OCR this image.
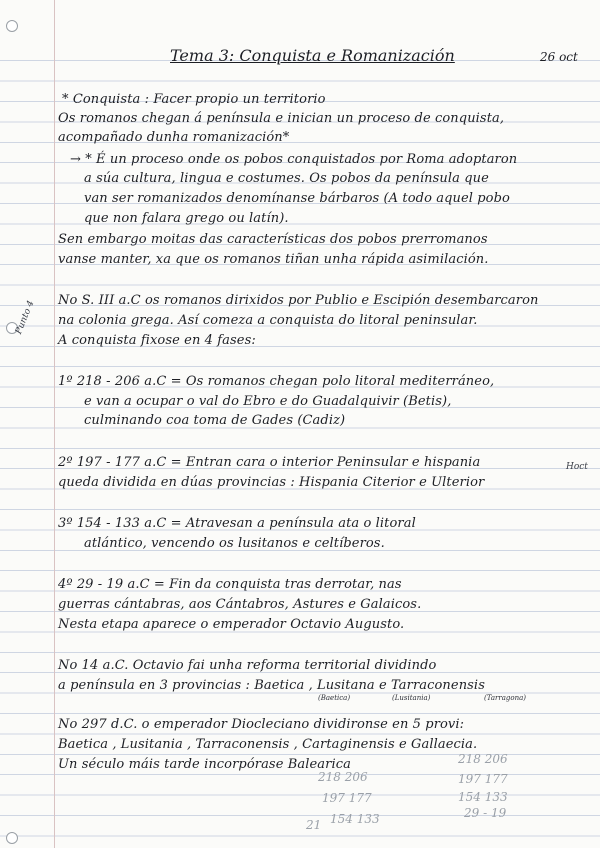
Tema 3: Conquista e Romanización	26 oct
Punto 4
* Conquista : Facer propio un territorio
Os romanos chegan á península e inician un proceso de conquista,
acompañado dunha romanización*
→ * É un proceso onde os pobos conquistados por Roma adoptaron
a súa cultura, lingua e costumes. Os pobos da península que
van ser romanizados denomínanse bárbaros (A todo aquel pobo
que non falara grego ou latín).
Sen embargo moitas das características dos pobos prerromanos
vanse manter, xa que os romanos tiñan unha rápida asimilación.
No S. III a.C os romanos dirixidos por Publio e Escipión desembarcaron
na colonia grega. Así comeza a conquista do litoral peninsular.
A conquista fixose en 4 fases:
1º 218 - 206 a.C = Os romanos chegan polo litoral mediterráneo,
e van a ocupar o val do Ebro e do Guadalquivir (Betis),
culminando coa toma de Gades (Cadiz)
2º 197 - 177 a.C = Entran cara o interior Peninsular e hispania
queda dividida en dúas provincias : Hispania Citerior e Ulterior
Hoct
3º 154 - 133 a.C = Atravesan a península ata o litoral
atlántico, vencendo os lusitanos e celtíberos.
4º 29 - 19 a.C = Fin da conquista tras derrotar, nas
guerras cántabras, aos Cántabros, Astures e Galaicos.
Nesta etapa aparece o emperador Octavio Augusto.
No 14 a.C. Octavio fai unha reforma territorial dividindo
a península en 3 provincias : Baetica , Lusitana e Tarraconensis
(Baetica)	(Lusitania)	(Tarragona)
No 297 d.C. o emperador Diocleciano dividironse en 5 provi:
Baetica , Lusitania , Tarraconensis , Cartaginensis e Gallaecia.
Un século máis tarde incorpórase Balearica
218 206
197 177
218 206
197 177
154 133
29 - 19
154 133
21
